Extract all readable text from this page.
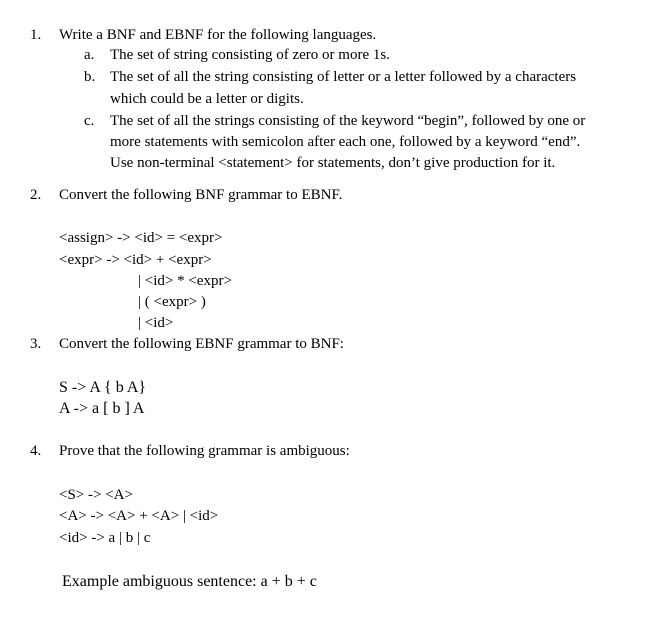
1. Write a BNF and EBNF for the following languages.
a. The set of string consisting of zero or more 1s.
b. The set of all the string consisting of letter or a letter followed by a characters
which could be a letter or digits.
c. The set of all the strings consisting of the keyword “begin”, followed by one or
more statements with semicolon after each one, followed by a keyword “end”.
Use non-terminal <statement> for statements, don’t give production for it.
2. Convert the following BNF grammar to EBNF.
<assign> -> <id> = <expr>
<expr> -> <id> + <expr>
| <id> * <expr>
| ( <expr> )
| <id>
3. Convert the following EBNF grammar to BNF:
S -> A { b A}
A -> a [ b ] A
4. Prove that the following grammar is ambiguous:
<S> -> <A>
<A> -> <A> + <A> | <id>
<id> -> a | b | c
Example ambiguous sentence: a + b + c
